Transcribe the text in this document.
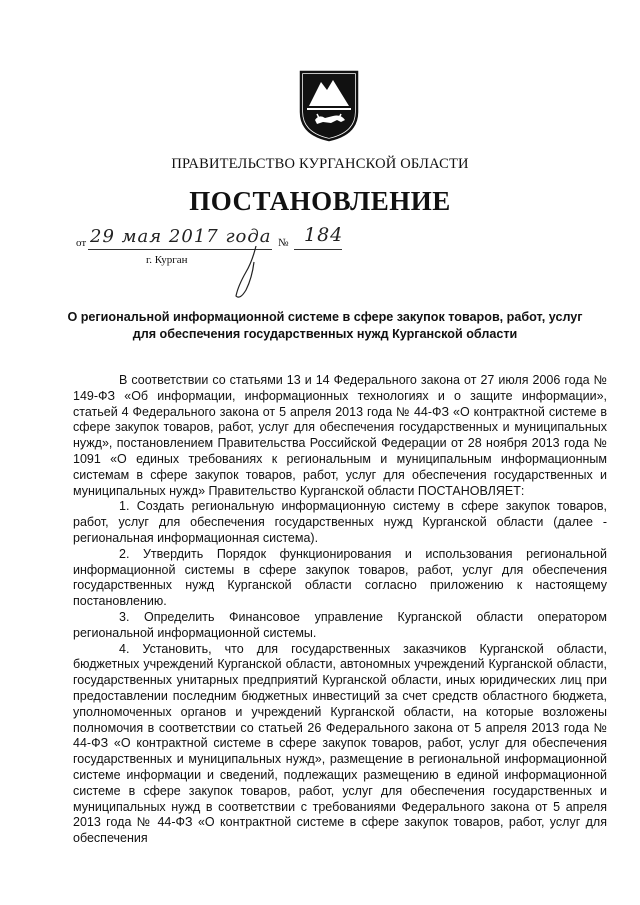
ПРАВИТЕЛЬСТВО КУРГАНСКОЙ ОБЛАСТИ
ПОСТАНОВЛЕНИЕ
от 29 мая 2017 года № 184
г. Курган
О региональной информационной системе в сфере закупок товаров, работ, услуг
для обеспечения государственных нужд Курганской области

В соответствии со статьями 13 и 14 Федерального закона от 27 июля 2006 года № 149-ФЗ «Об информации, информационных технологиях и о защите информации», статьей 4 Федерального закона от 5 апреля 2013 года № 44-ФЗ «О контрактной системе в сфере закупок товаров, работ, услуг для обеспечения государственных и муниципальных нужд», постановлением Правительства Российской Федерации от 28 ноября 2013 года № 1091 «О единых требованиях к региональным и муниципальным информационным системам в сфере закупок товаров, работ, услуг для обеспечения государственных и муниципальных нужд» Правительство Курганской области ПОСТАНОВЛЯЕТ:

1. Создать региональную информационную систему в сфере закупок товаров, работ, услуг для обеспечения государственных нужд Курганской области (далее - региональная информационная система).

2. Утвердить Порядок функционирования и использования региональной информационной системы в сфере закупок товаров, работ, услуг для обеспечения государственных нужд Курганской области согласно приложению к настоящему постановлению.

3. Определить Финансовое управление Курганской области оператором региональной информационной системы.

4. Установить, что для государственных заказчиков Курганской области, бюджетных учреждений Курганской области, автономных учреждений Курганской области, государственных унитарных предприятий Курганской области, иных юридических лиц при предоставлении последним бюджетных инвестиций за счет средств областного бюджета, уполномоченных органов и учреждений Курганской области, на которые возложены полномочия в соответствии со статьей 26 Федерального закона от 5 апреля 2013 года № 44-ФЗ «О контрактной системе в сфере закупок товаров, работ, услуг для обеспечения государственных и муниципальных нужд», размещение в региональной информационной системе информации и сведений, подлежащих размещению в единой информационной системе в сфере закупок товаров, работ, услуг для обеспечения государственных и муниципальных нужд в соответствии с требованиями Федерального закона от 5 апреля 2013 года № 44-ФЗ «О контрактной системе в сфере закупок товаров, работ, услуг для обеспечения
